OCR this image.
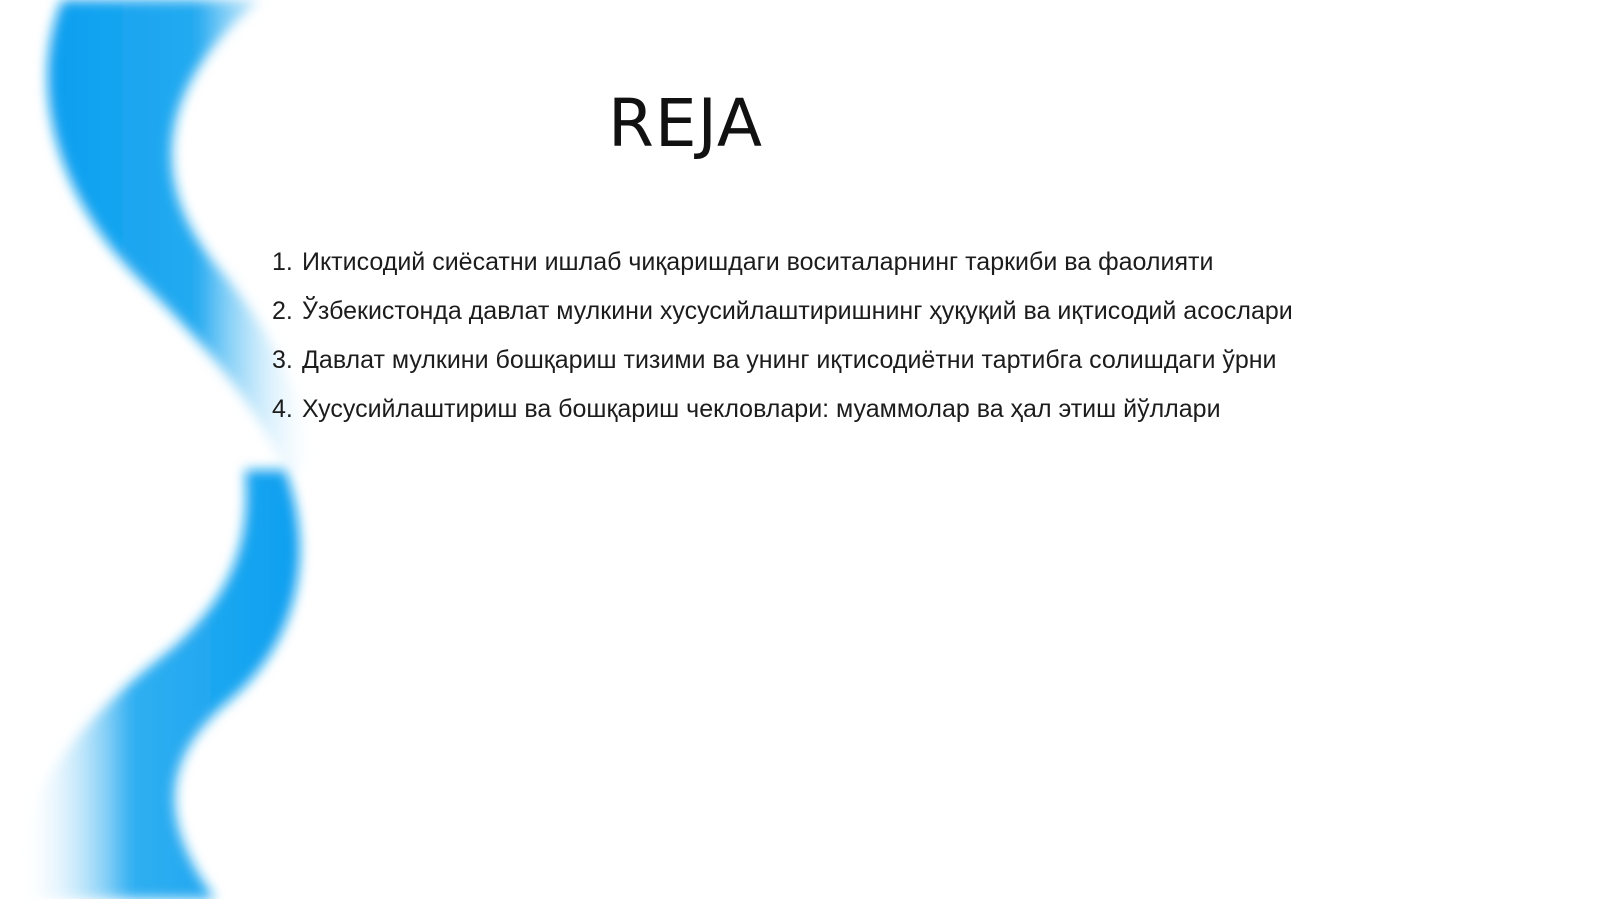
REJA
1. Иктисодий сиёсатни ишлаб чиқаришдаги воситаларнинг таркиби ва фаолияти
2. Ўзбекистонда давлат мулкини хусусийлаштиришнинг ҳуқуқий ва иқтисодий асослари
3. Давлат мулкини бошқариш тизими ва унинг иқтисодиётни тартибга солишдаги ўрни
4. Хусусийлаштириш ва бошқариш чекловлари: муаммолар ва ҳал этиш йўллари
